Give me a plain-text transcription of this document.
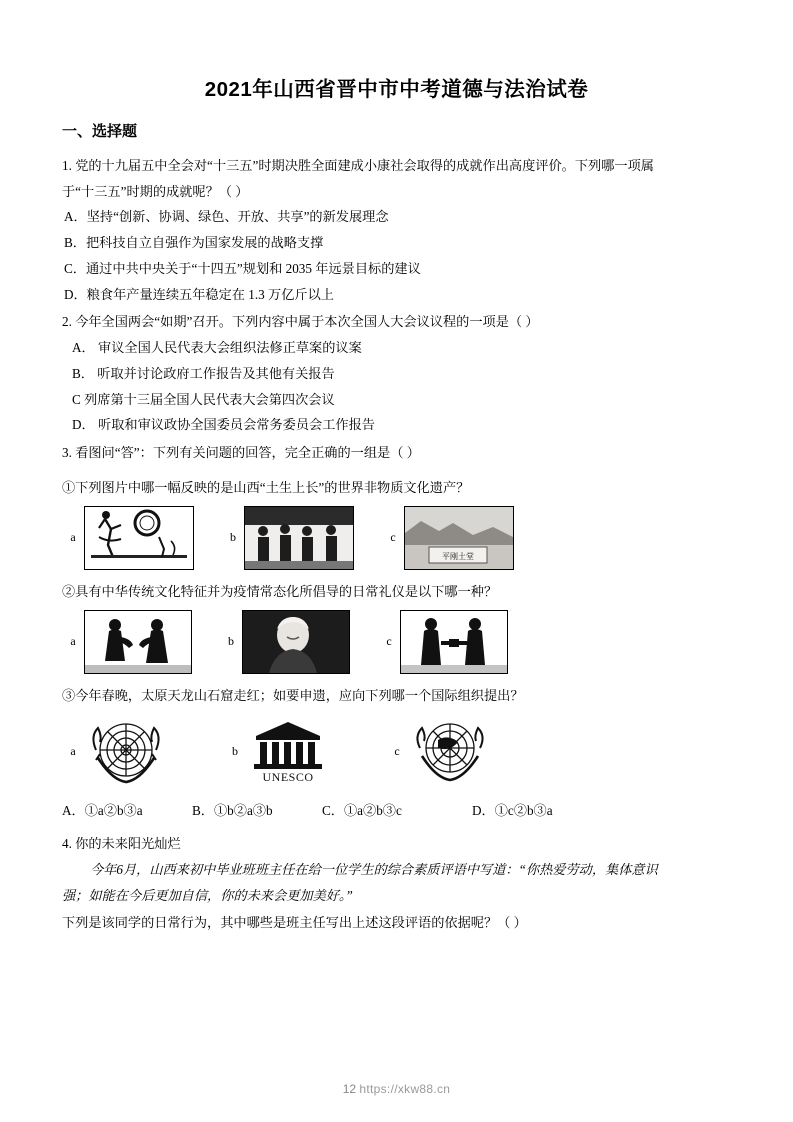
2021年山西省晋中市中考道德与法治试卷
一、选择题
1. 党的十九届五中全会对“十三五”时期决胜全面建成小康社会取得的成就作出高度评价。下列哪一项属
于“十三五”时期的成就呢？（ ）
A．坚持“创新、协调、绿色、开放、共享”的新发展理念
B．把科技自立自强作为国家发展的战略支撑
C．通过中共中央关于“十四五”规划和 2035 年远景目标的建议
D．粮食年产量连续五年稳定在 1.3 万亿斤以上
2. 今年全国两会“如期”召开。下列内容中属于本次全国人大会议议程的一项是（ ）
A． 审议全国人民代表大会组织法修正草案的议案
B． 听取并讨论政府工作报告及其他有关报告
C 列席第十三届全国人民代表大会第四次会议
D． 听取和审议政协全国委员会常务委员会工作报告
3. 看图问“答”：下列有关问题的回答，完全正确的一组是（ ）
①下列图片中哪一幅反映的是山西“土生上长”的世界非物质文化遗产？
a	b	c
平刚土堂
②具有中华传统文化特征并为疫情常态化所倡导的日常礼仪是以下哪一种？
a	b	c
③今年春晚，太原天龙山石窟走红；如要申遗，应向下列哪一个国际组织提出？
a	b
UNESCO
c
A．①a②b③a	B．①b②a③b	C．①a②b③c	D．①c②b③a
4. 你的未来阳光灿烂
今年6月，山西来初中毕业班班主任在给一位学生的综合素质评语中写道：“你热爱劳动，集体意识
强；如能在今后更加自信，你的未来会更加美好。”
下列是该同学的日常行为，其中哪些是班主任写出上述这段评语的依据呢？（ ）
12 https://xkw88.cn
